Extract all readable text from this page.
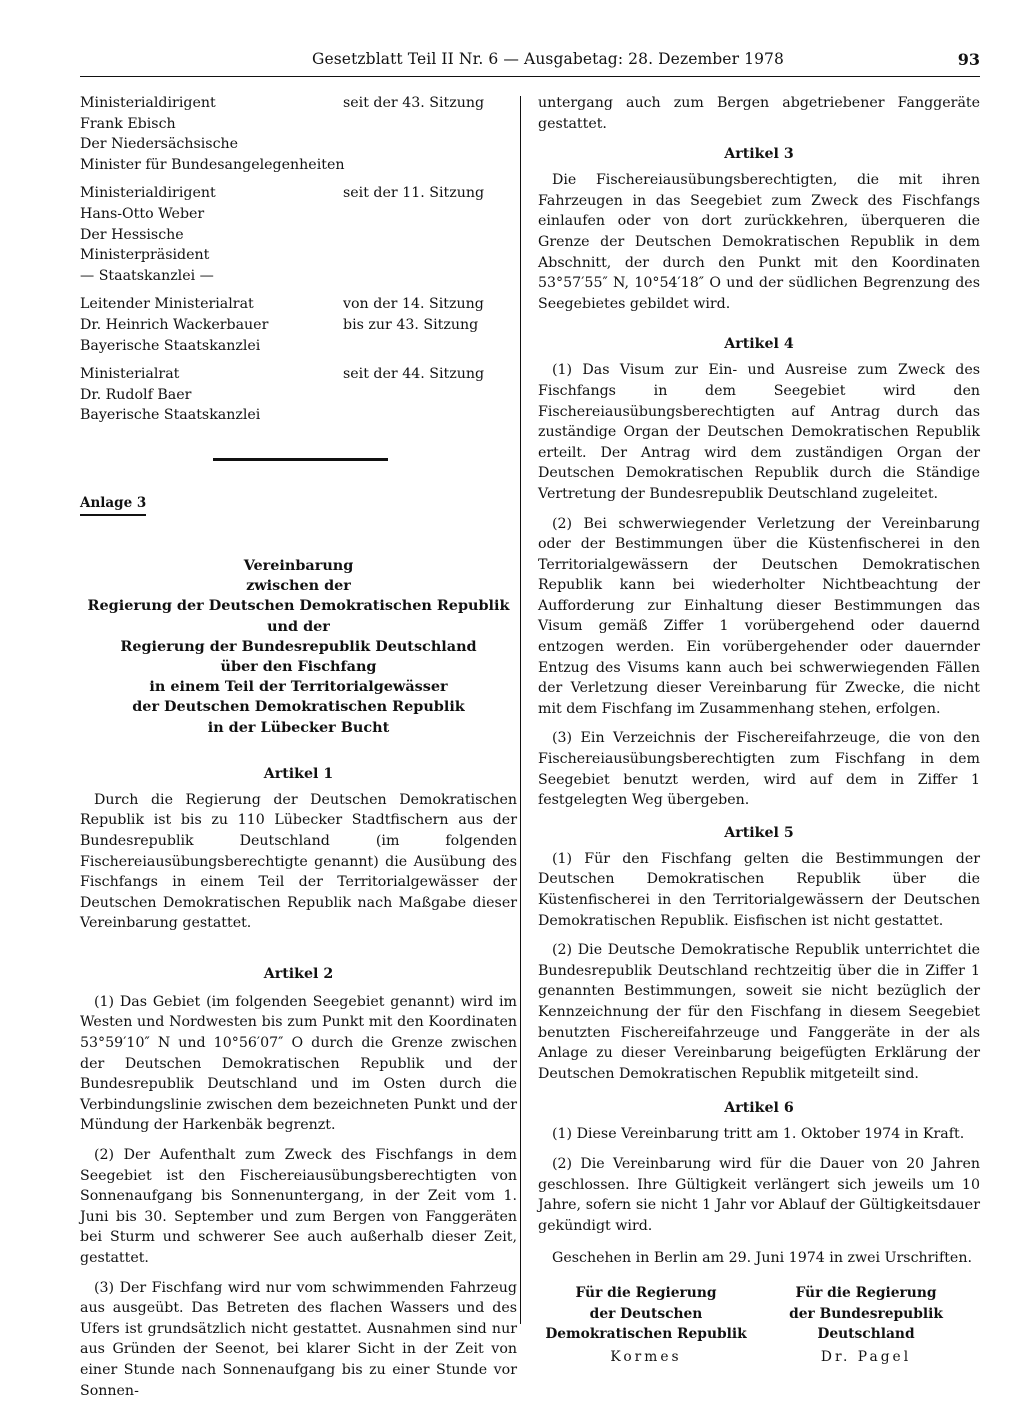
Gesetzblatt Teil II Nr. 6 — Ausgabetag: 28. Dezember 1978	93
Ministerialdirigent
Frank Ebisch
Der Niedersächsische
Minister für Bundesangelegenheiten
seit der 43. Sitzung
Ministerialdirigent
Hans-Otto Weber
Der Hessische
Ministerpräsident
— Staatskanzlei —
seit der 11. Sitzung
Leitender Ministerialrat
Dr. Heinrich Wackerbauer
Bayerische Staatskanzlei
von der 14. Sitzung
bis zur 43. Sitzung
Ministerialrat
Dr. Rudolf Baer
Bayerische Staatskanzlei
seit der 44. Sitzung
Anlage 3
Vereinbarung
zwischen der
Regierung der Deutschen Demokratischen Republik
und der
Regierung der Bundesrepublik Deutschland
über den Fischfang
in einem Teil der Territorialgewässer
der Deutschen Demokratischen Republik
in der Lübecker Bucht
Artikel 1

Durch die Regierung der Deutschen Demokratischen Republik ist bis zu 110 Lübecker Stadtfischern aus der Bundesrepublik Deutschland (im folgenden Fischereiausübungsberechtigte genannt) die Ausübung des Fischfangs in einem Teil der Territorialgewässer der Deutschen Demokratischen Republik nach Maßgabe dieser Vereinbarung gestattet.

Artikel 2

(1) Das Gebiet (im folgenden Seegebiet genannt) wird im Westen und Nordwesten bis zum Punkt mit den Koordinaten 53°59′10″ N und 10°56′07″ O durch die Grenze zwischen der Deutschen Demokratischen Republik und der Bundesrepublik Deutschland und im Osten durch die Verbindungslinie zwischen dem bezeichneten Punkt und der Mündung der Harkenbäk begrenzt.

(2) Der Aufenthalt zum Zweck des Fischfangs in dem Seegebiet ist den Fischereiausübungsberechtigten von Sonnenaufgang bis Sonnenuntergang, in der Zeit vom 1. Juni bis 30. September und zum Bergen von Fanggeräten bei Sturm und schwerer See auch außerhalb dieser Zeit, gestattet.

(3) Der Fischfang wird nur vom schwimmenden Fahrzeug aus ausgeübt. Das Betreten des flachen Wassers und des Ufers ist grundsätzlich nicht gestattet. Ausnahmen sind nur aus Gründen der Seenot, bei klarer Sicht in der Zeit von einer Stunde nach Sonnenaufgang bis zu einer Stunde vor Sonnen-

untergang auch zum Bergen abgetriebener Fanggeräte gestattet.

Artikel 3

Die Fischereiausübungsberechtigten, die mit ihren Fahrzeugen in das Seegebiet zum Zweck des Fischfangs einlaufen oder von dort zurückkehren, überqueren die Grenze der Deutschen Demokratischen Republik in dem Abschnitt, der durch den Punkt mit den Koordinaten 53°57′55″ N, 10°54′18″ O und der südlichen Begrenzung des Seegebietes gebildet wird.

Artikel 4

(1) Das Visum zur Ein- und Ausreise zum Zweck des Fischfangs in dem Seegebiet wird den Fischereiausübungsberechtigten auf Antrag durch das zuständige Organ der Deutschen Demokratischen Republik erteilt. Der Antrag wird dem zuständigen Organ der Deutschen Demokratischen Republik durch die Ständige Vertretung der Bundesrepublik Deutschland zugeleitet.

(2) Bei schwerwiegender Verletzung der Vereinbarung oder der Bestimmungen über die Küstenfischerei in den Territorialgewässern der Deutschen Demokratischen Republik kann bei wiederholter Nichtbeachtung der Aufforderung zur Einhaltung dieser Bestimmungen das Visum gemäß Ziffer 1 vorübergehend oder dauernd entzogen werden. Ein vorübergehender oder dauernder Entzug des Visums kann auch bei schwerwiegenden Fällen der Verletzung dieser Vereinbarung für Zwecke, die nicht mit dem Fischfang im Zusammenhang stehen, erfolgen.

(3) Ein Verzeichnis der Fischereifahrzeuge, die von den Fischereiausübungsberechtigten zum Fischfang in dem Seegebiet benutzt werden, wird auf dem in Ziffer 1 festgelegten Weg übergeben.

Artikel 5

(1) Für den Fischfang gelten die Bestimmungen der Deutschen Demokratischen Republik über die Küstenfischerei in den Territorialgewässern der Deutschen Demokratischen Republik. Eisfischen ist nicht gestattet.

(2) Die Deutsche Demokratische Republik unterrichtet die Bundesrepublik Deutschland rechtzeitig über die in Ziffer 1 genannten Bestimmungen, soweit sie nicht bezüglich der Kennzeichnung der für den Fischfang in diesem Seegebiet benutzten Fischereifahrzeuge und Fanggeräte in der als Anlage zu dieser Vereinbarung beigefügten Erklärung der Deutschen Demokratischen Republik mitgeteilt sind.

Artikel 6

(1) Diese Vereinbarung tritt am 1. Oktober 1974 in Kraft.

(2) Die Vereinbarung wird für die Dauer von 20 Jahren geschlossen. Ihre Gültigkeit verlängert sich jeweils um 10 Jahre, sofern sie nicht 1 Jahr vor Ablauf der Gültigkeitsdauer gekündigt wird.

Geschehen in Berlin am 29. Juni 1974 in zwei Urschriften.

Für die Regierung
der Deutschen
Demokratischen Republik
Kormes
Für die Regierung
der Bundesrepublik
Deutschland
Dr. Pagel
